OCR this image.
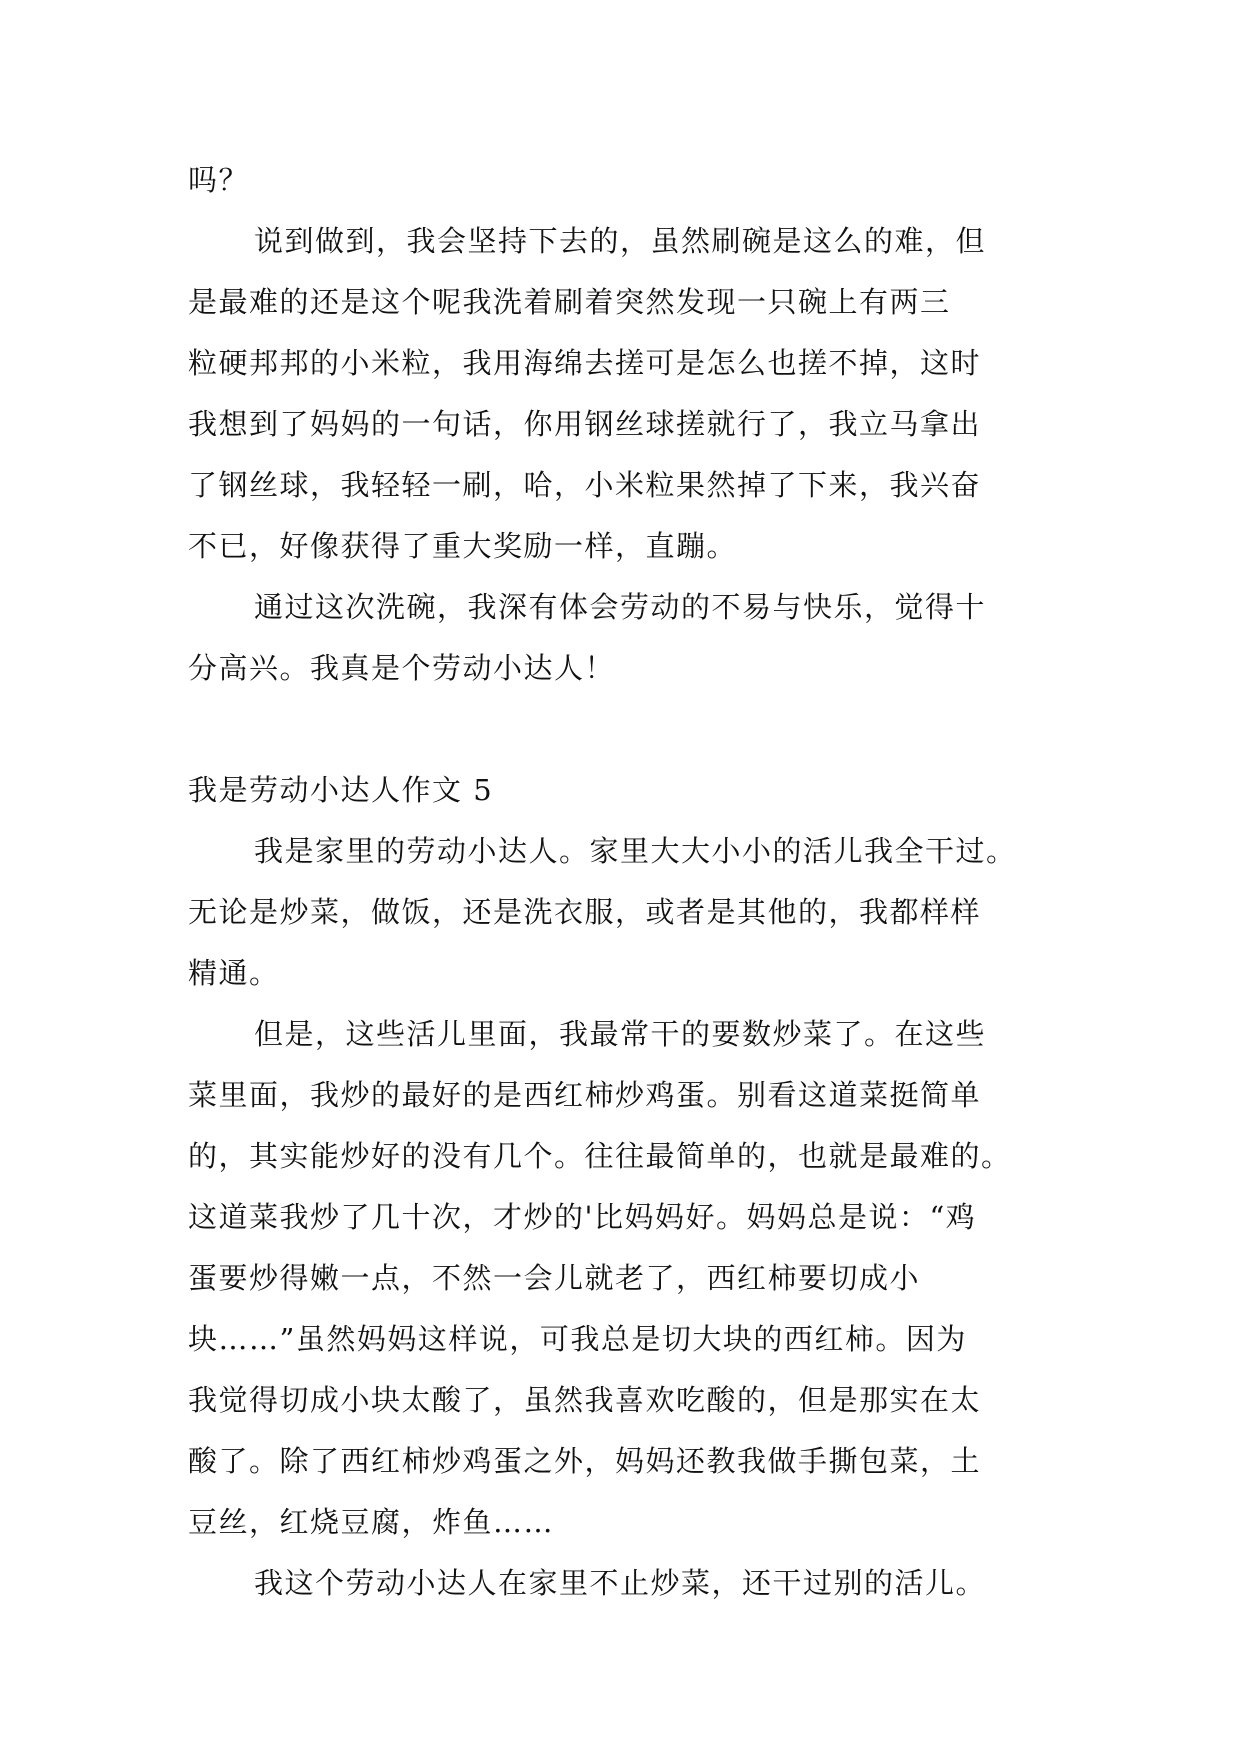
吗？
说到做到，我会坚持下去的，虽然刷碗是这么的难，但
是最难的还是这个呢我洗着刷着突然发现一只碗上有两三
粒硬邦邦的小米粒，我用海绵去搓可是怎么也搓不掉，这时
我想到了妈妈的一句话，你用钢丝球搓就行了，我立马拿出
了钢丝球，我轻轻一刷，哈，小米粒果然掉了下来，我兴奋
不已，好像获得了重大奖励一样，直蹦。
通过这次洗碗，我深有体会劳动的不易与快乐，觉得十
分高兴。我真是个劳动小达人！
我是劳动小达人作文 5
我是家里的劳动小达人。家里大大小小的活儿我全干过。
无论是炒菜，做饭，还是洗衣服，或者是其他的，我都样样
精通。
但是，这些活儿里面，我最常干的要数炒菜了。在这些
菜里面，我炒的最好的是西红柿炒鸡蛋。别看这道菜挺简单
的，其实能炒好的没有几个。往往最简单的，也就是最难的。
这道菜我炒了几十次，才炒的'比妈妈好。妈妈总是说：“鸡
蛋要炒得嫩一点，不然一会儿就老了，西红柿要切成小
块……”虽然妈妈这样说，可我总是切大块的西红柿。因为
我觉得切成小块太酸了，虽然我喜欢吃酸的，但是那实在太
酸了。除了西红柿炒鸡蛋之外，妈妈还教我做手撕包菜，土
豆丝，红烧豆腐，炸鱼……
我这个劳动小达人在家里不止炒菜，还干过别的活儿。
